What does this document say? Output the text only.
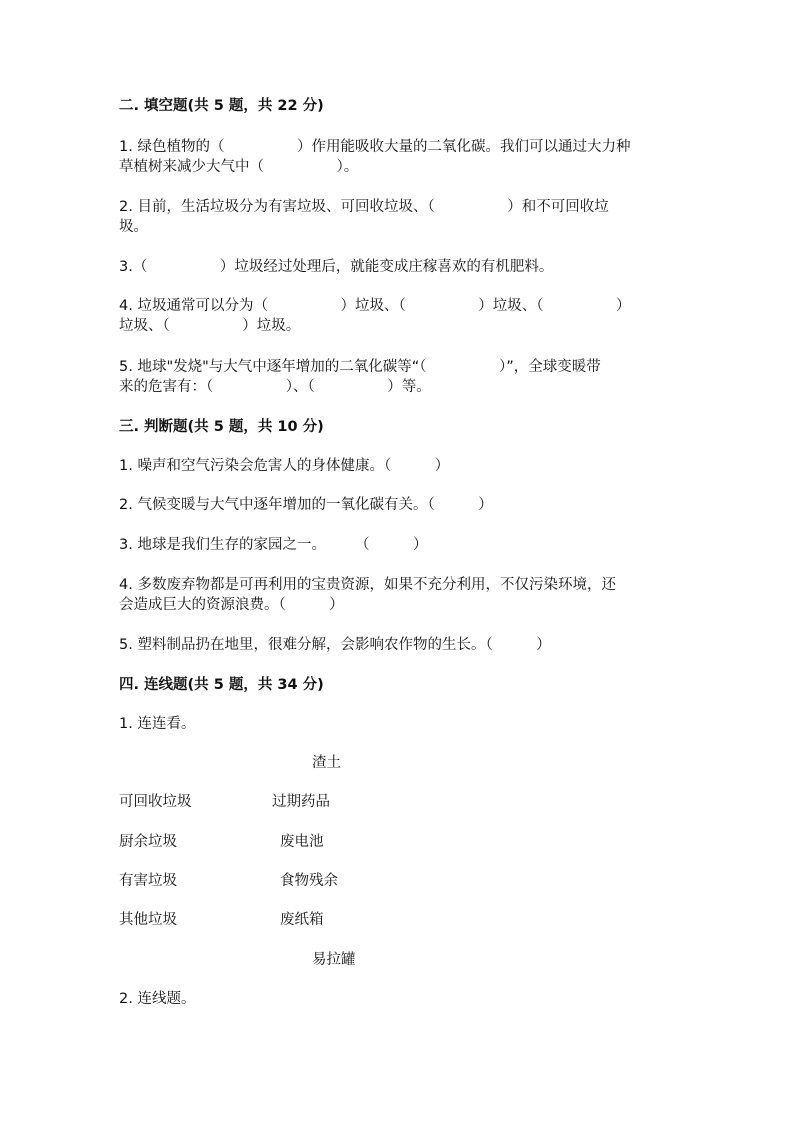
二. 填空题(共 5 题，共 22 分)
1. 绿色植物的（　　　　　）作用能吸收大量的二氧化碳。我们可以通过大力种
草植树来减少大气中（　　　　　）。
2. 目前，生活垃圾分为有害垃圾、可回收垃圾、（　　　　　）和不可回收垃
圾。
3.（　　　　　）垃圾经过处理后，就能变成庄稼喜欢的有机肥料。
4. 垃圾通常可以分为（　　　　　）垃圾、（　　　　　）垃圾、（　　　　　）
垃圾、（　　　　　）垃圾。
5. 地球"发烧"与大气中逐年增加的二氧化碳等“（　　　　　）”，全球变暖带
来的危害有：（　　　　　）、（　　　　　）等。
三. 判断题(共 5 题，共 10 分)
1. 噪声和空气污染会危害人的身体健康。（　　　）
2. 气候变暖与大气中逐年增加的一氧化碳有关。（　　　）
3. 地球是我们生存的家园之一。　　　（　　　）
4. 多数废弃物都是可再利用的宝贵资源，如果不充分利用，不仅污染环境，还
会造成巨大的资源浪费。（　　　）
5. 塑料制品扔在地里，很难分解，会影响农作物的生长。（　　　）
四. 连线题(共 5 题，共 34 分)
1. 连连看。
渣土
可回收垃圾	过期药品
厨余垃圾	废电池
有害垃圾	食物残余
其他垃圾	废纸箱
易拉罐
2. 连线题。
